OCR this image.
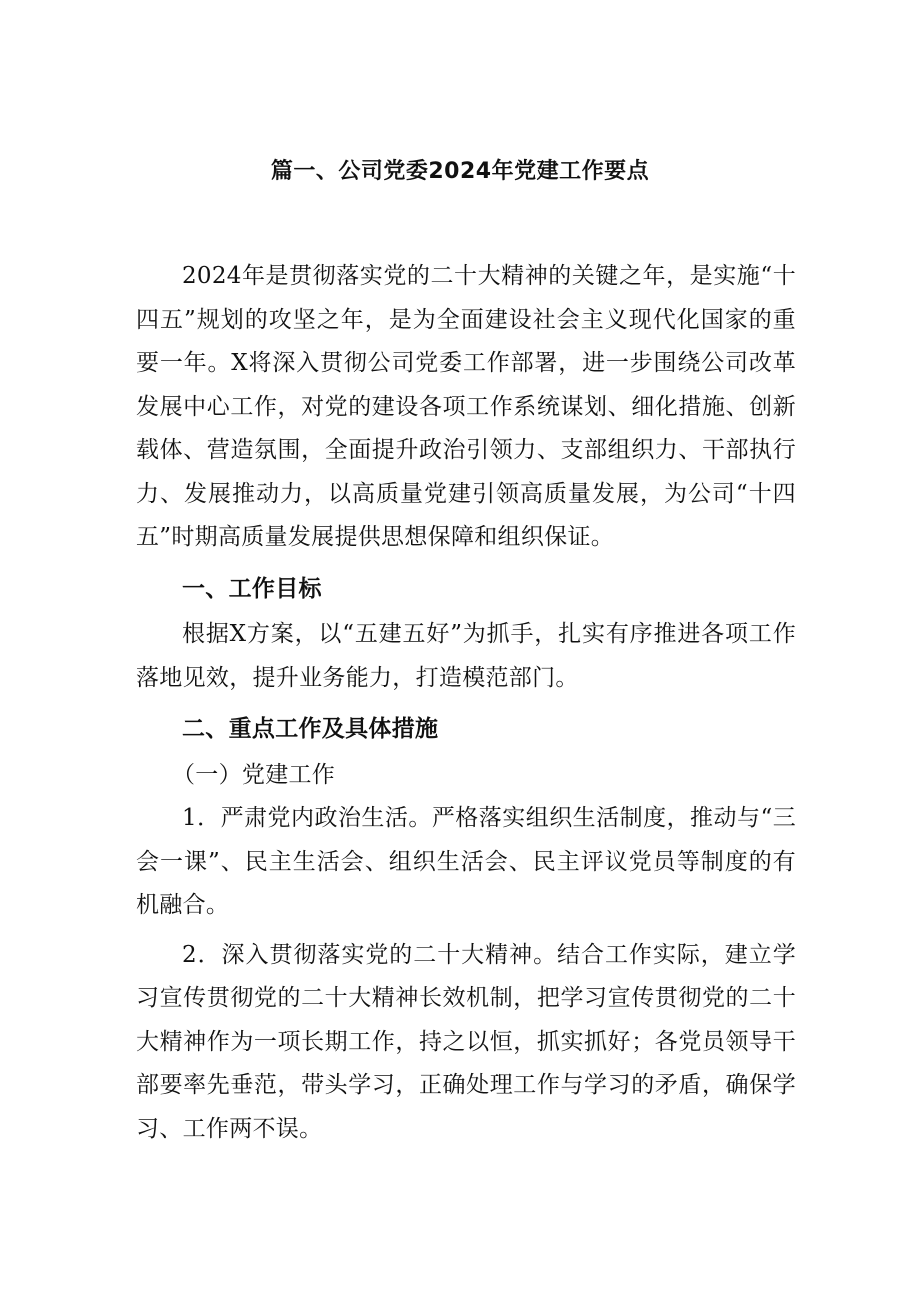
篇一、公司党委2024年党建工作要点

2024年是贯彻落实党的二十大精神的关键之年，是实施“十四五”规划的攻坚之年，是为全面建设社会主义现代化国家的重要一年。X将深入贯彻公司党委工作部署，进一步围绕公司改革发展中心工作，对党的建设各项工作系统谋划、细化措施、创新载体、营造氛围，全面提升政治引领力、支部组织力、干部执行力、发展推动力，以高质量党建引领高质量发展，为公司“十四五”时期高质量发展提供思想保障和组织保证。

一、工作目标

根据X方案，以“五建五好”为抓手，扎实有序推进各项工作落地见效，提升业务能力，打造模范部门。

二、重点工作及具体措施

（一）党建工作

1．严肃党内政治生活。严格落实组织生活制度，推动与“三会一课”、民主生活会、组织生活会、民主评议党员等制度的有机融合。

2．深入贯彻落实党的二十大精神。结合工作实际，建立学习宣传贯彻党的二十大精神长效机制，把学习宣传贯彻党的二十大精神作为一项长期工作，持之以恒，抓实抓好；各党员领导干部要率先垂范，带头学习，正确处理工作与学习的矛盾，确保学习、工作两不误。
